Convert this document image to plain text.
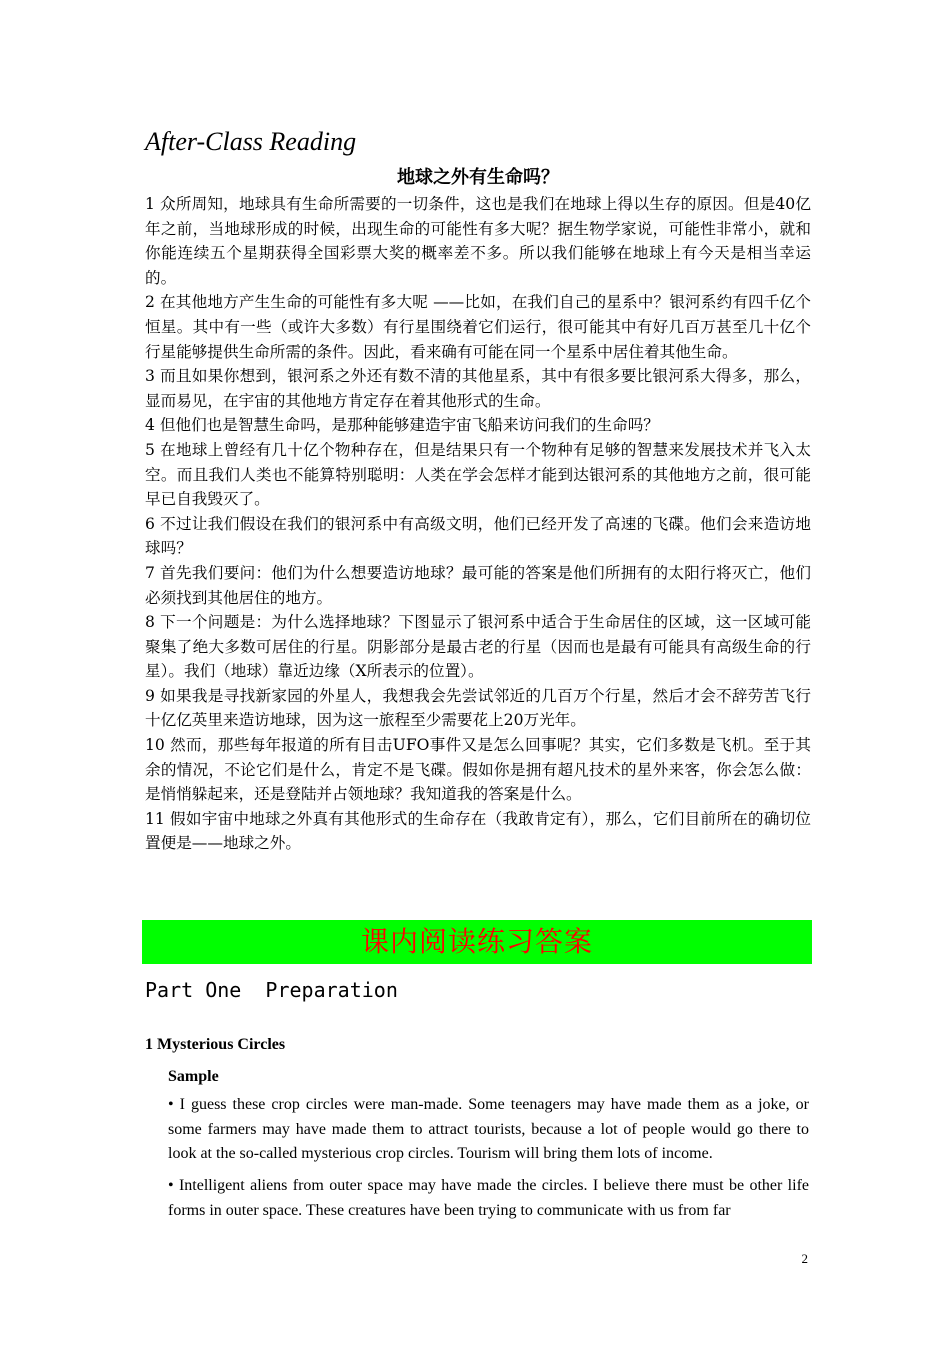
After-Class Reading
地球之外有生命吗？

1 众所周知，地球具有生命所需要的一切条件，这也是我们在地球上得以生存的原因。但是40亿年之前，当地球形成的时候，出现生命的可能性有多大呢？据生物学家说，可能性非常小，就和你能连续五个星期获得全国彩票大奖的概率差不多。所以我们能够在地球上有今天是相当幸运的。

2 在其他地方产生生命的可能性有多大呢 ——比如，在我们自己的星系中？银河系约有四千亿个恒星。其中有一些（或许大多数）有行星围绕着它们运行，很可能其中有好几百万甚至几十亿个行星能够提供生命所需的条件。因此，看来确有可能在同一个星系中居住着其他生命。

3 而且如果你想到，银河系之外还有数不清的其他星系，其中有很多要比银河系大得多，那么，显而易见，在宇宙的其他地方肯定存在着其他形式的生命。

4 但他们也是智慧生命吗，是那种能够建造宇宙飞船来访问我们的生命吗？

5 在地球上曾经有几十亿个物种存在，但是结果只有一个物种有足够的智慧来发展技术并飞入太空。而且我们人类也不能算特别聪明：人类在学会怎样才能到达银河系的其他地方之前，很可能早已自我毁灭了。

6 不过让我们假设在我们的银河系中有高级文明，他们已经开发了高速的飞碟。他们会来造访地球吗？

7 首先我们要问：他们为什么想要造访地球？最可能的答案是他们所拥有的太阳行将灭亡，他们必须找到其他居住的地方。

8 下一个问题是：为什么选择地球？下图显示了银河系中适合于生命居住的区域，这一区域可能聚集了绝大多数可居住的行星。阴影部分是最古老的行星（因而也是最有可能具有高级生命的行星）。我们（地球）靠近边缘（X所表示的位置）。

9 如果我是寻找新家园的外星人，我想我会先尝试邻近的几百万个行星，然后才会不辞劳苦飞行十亿亿英里来造访地球，因为这一旅程至少需要花上20万光年。

10 然而，那些每年报道的所有目击UFO事件又是怎么回事呢？其实，它们多数是飞机。至于其余的情况，不论它们是什么，肯定不是飞碟。假如你是拥有超凡技术的星外来客，你会怎么做：是悄悄躲起来，还是登陆并占领地球？我知道我的答案是什么。

11 假如宇宙中地球之外真有其他形式的生命存在（我敢肯定有），那么，它们目前所在的确切位置便是——地球之外。

课内阅读练习答案
Part One  Preparation
1 Mysterious Circles
Sample

• I guess these crop circles were man-made. Some teenagers may have made them as a joke, or some farmers may have made them to attract tourists, because a lot of people would go there to look at the so-called mysterious crop circles. Tourism will bring them lots of income.

• Intelligent aliens from outer space may have made the circles. I believe there must be other life forms in outer space. These creatures have been trying to communicate with us from far

2
